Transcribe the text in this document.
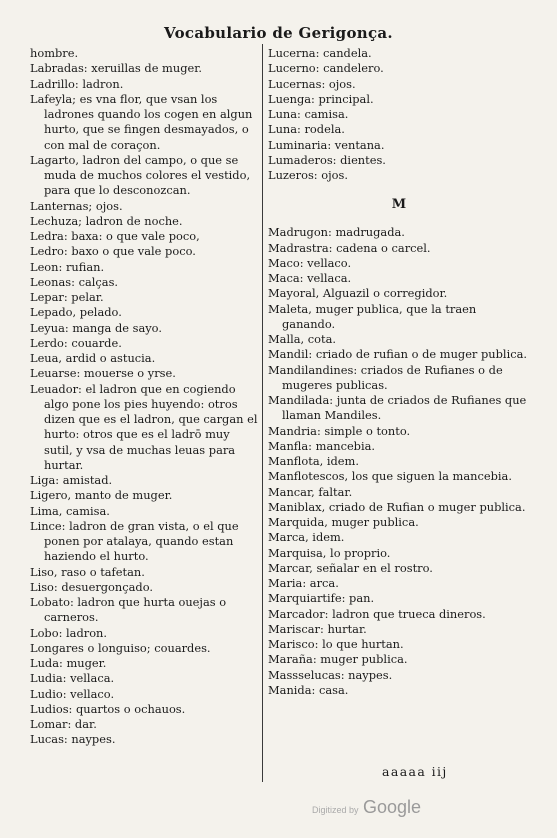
Vocabulario de Gerigonça.
hombre.
Labradas: xeruillas de muger.
Ladrillo: ladron.
Lafeyla; es vna flor, que vsan los ladrones quando los cogen en algun hurto, que se fingen desmayados, o con mal de coraçon.
Lagarto, ladron del campo, o que se muda de muchos colores el vestido, para que lo desconozcan.
Lanternas; ojos.
Lechuza; ladron de noche.
Ledra: baxa: o que vale poco,
Ledro: baxo o que vale poco.
Leon: rufian.
Leonas: calças.
Lepar: pelar.
Lepado, pelado.
Leyua: manga de sayo.
Lerdo: couarde.
Leua, ardid o astucia.
Leuarse: mouerse o yrse.
Leuador: el ladron que en cogiendo algo pone los pies huyendo: otros dizen que es el ladron, que cargan el hurto: otros que es el ladrō muy sutil, y vsa de muchas leuas para hurtar.
Liga: amistad.
Ligero, manto de muger.
Lima, camisa.
Lince: ladron de gran vista, o el que ponen por atalaya, quando estan haziendo el hurto.
Liso, raso o tafetan.
Liso: desuergonçado.
Lobato: ladron que hurta ouejas o carneros.
Lobo: ladron.
Longares o longuiso; couardes.
Luda: muger.
Ludia: vellaca.
Ludio: vellaco.
Ludios: quartos o ochauos.
Lomar: dar.
Lucas: naypes.
Lucerna: candela.
Lucerno: candelero.
Lucernas: ojos.
Luenga: principal.
Luna: camisa.
Luna: rodela.
Luminaria: ventana.
Lumaderos: dientes.
Luzeros: ojos.
M
Madrugon: madrugada.
Madrastra: cadena o carcel.
Maco: vellaco.
Maca: vellaca.
Mayoral, Alguazil o corregidor.
Maleta, muger publica, que la traen ganando.
Malla, cota.
Mandil: criado de rufian o de muger publica.
Mandilandines: criados de Rufianes o de mugeres publicas.
Mandilada: junta de criados de Rufianes que llaman Mandiles.
Mandria: simple o tonto.
Manfla: mancebia.
Manflota, idem.
Manflotescos, los que siguen la mancebia.
Mancar, faltar.
Maniblax, criado de Rufian o muger publica.
Marquida, muger publica.
Marca, idem.
Marquisa, lo proprio.
Marcar, señalar en el rostro.
Maria: arca.
Marquiartife: pan.
Marcador: ladron que trueca dineros.
Mariscar: hurtar.
Marisco: lo que hurtan.
Maraña: muger publica.
Massselucas: naypes.
Manida: casa.
aaaaa iij
Digitized by Google
